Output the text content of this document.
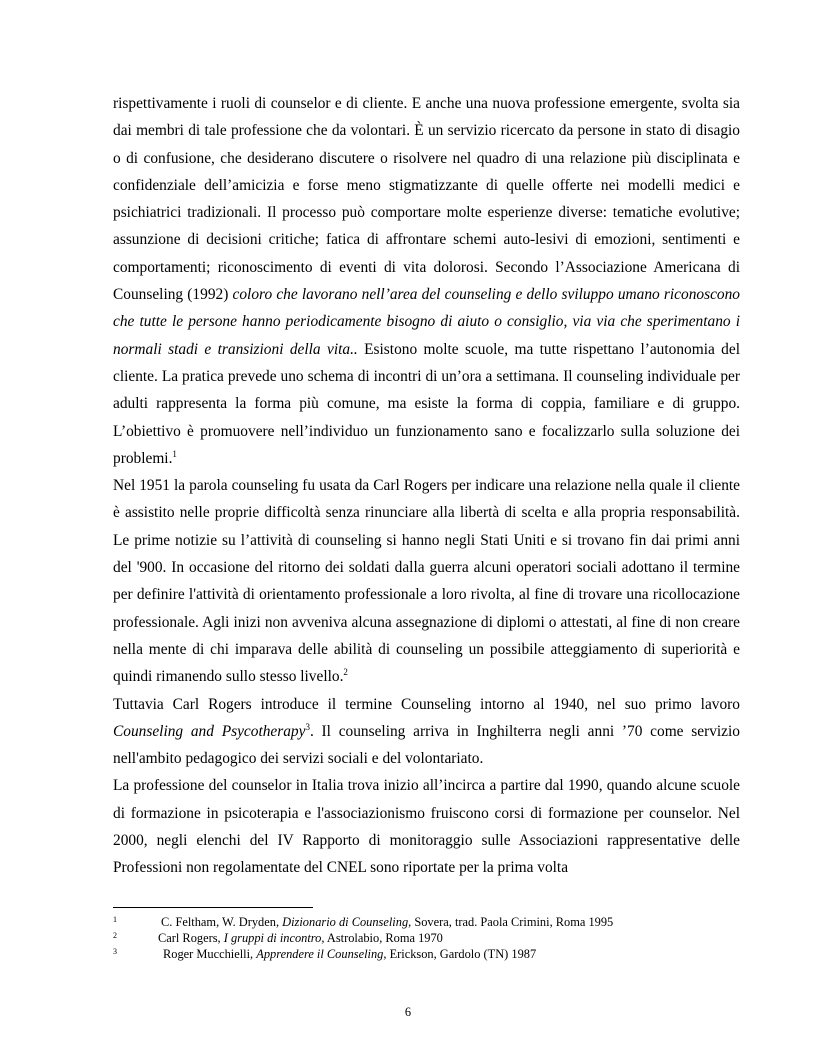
rispettivamente i ruoli di counselor e di cliente. E anche una nuova professione emergente, svolta sia dai membri di tale professione che da volontari. È un servizio ricercato da persone in stato di disagio o di confusione, che desiderano discutere o risolvere nel quadro di una relazione più disciplinata e confidenziale dell’amicizia e forse meno stigmatizzante di quelle offerte nei modelli medici e psichiatrici tradizionali. Il processo può comportare molte esperienze diverse: tematiche evolutive; assunzione di decisioni critiche; fatica di affrontare schemi auto-lesivi di emozioni, sentimenti e comportamenti; riconoscimento di eventi di vita dolorosi. Secondo l’Associazione Americana di Counseling (1992) coloro che lavorano nell’area del counseling e dello sviluppo umano riconoscono che tutte le persone hanno periodicamente bisogno di aiuto o consiglio, via via che sperimentano i normali stadi e transizioni della vita.. Esistono molte scuole, ma tutte rispettano l’autonomia del cliente. La pratica prevede uno schema di incontri di un’ora a settimana. Il counseling individuale per adulti rappresenta la forma più comune, ma esiste la forma di coppia, familiare e di gruppo. L’obiettivo è promuovere nell’individuo un funzionamento sano e focalizzarlo sulla soluzione dei problemi.$^1$

Nel 1951 la parola counseling fu usata da Carl Rogers per indicare una relazione nella quale il cliente è assistito nelle proprie difficoltà senza rinunciare alla libertà di scelta e alla propria responsabilità. Le prime notizie su l’attività di counseling si hanno negli Stati Uniti e si trovano fin dai primi anni del '900. In occasione del ritorno dei soldati dalla guerra alcuni operatori sociali adottano il termine per definire l'attività di orientamento professionale a loro rivolta, al fine di trovare una ricollocazione professionale. Agli inizi non avveniva alcuna assegnazione di diplomi o attestati, al fine di non creare nella mente di chi imparava delle abilità di counseling un possibile atteggiamento di superiorità e quindi rimanendo sullo stesso livello.$^2$

Tuttavia Carl Rogers introduce il termine Counseling intorno al 1940, nel suo primo lavoro Counseling and Psycotherapy$^3$. Il counseling arriva in Inghilterra negli anni ’70 come servizio nell'ambito pedagogico dei servizi sociali e del volontariato.

La professione del counselor in Italia trova inizio all’incirca a partire dal 1990, quando alcune scuole di formazione in psicoterapia e l'associazionismo fruiscono corsi di formazione per counselor. Nel 2000, negli elenchi del IV Rapporto di monitoraggio sulle Associazioni rappresentative delle Professioni non regolamentate del CNEL sono riportate per la prima volta

1	C. Feltham, W. Dryden, Dizionario di Counseling, Sovera, trad. Paola Crimini, Roma 1995
2	Carl Rogers, I gruppi di incontro, Astrolabio, Roma 1970
3	Roger Mucchielli, Apprendere il Counseling, Erickson, Gardolo (TN) 1987
6
